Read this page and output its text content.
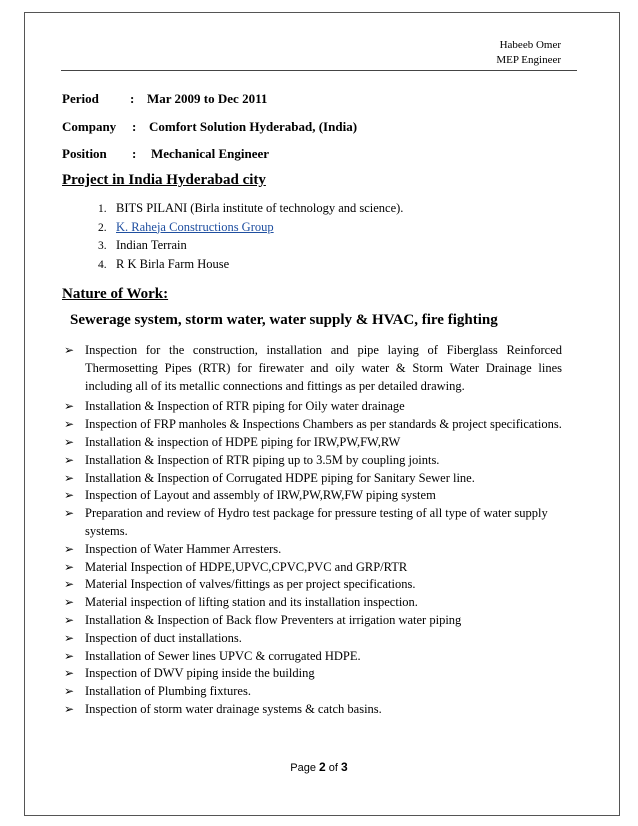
Habeeb Omer
MEP Engineer
Period : Mar 2009 to Dec 2011
Company : Comfort Solution Hyderabad, (India)
Position : Mechanical Engineer
Project in India Hyderabad city
1. BITS PILANI (Birla institute of technology and science).
2. K. Raheja Constructions Group
3. Indian Terrain
4. R K Birla Farm House
Nature of Work:
Sewerage system, storm water, water supply & HVAC, fire fighting
➢ Inspection for the construction, installation and pipe laying of Fiberglass Reinforced Thermosetting Pipes (RTR) for firewater and oily water & Storm Water Drainage lines including all of its metallic connections and fittings as per detailed drawing.
➢ Installation & Inspection of RTR piping for Oily water drainage
➢ Inspection of FRP manholes & Inspections Chambers as per standards & project specifications.
➢ Installation & inspection of HDPE piping for IRW,PW,FW,RW
➢ Installation & Inspection of RTR piping up to 3.5M by coupling joints.
➢ Installation & Inspection of Corrugated HDPE piping for Sanitary Sewer line.
➢ Inspection of Layout and assembly of IRW,PW,RW,FW piping system
➢ Preparation and review of Hydro test package for pressure testing of all type of water supply systems.
➢ Inspection of Water Hammer Arresters.
➢ Material Inspection of HDPE,UPVC,CPVC,PVC and GRP/RTR
➢ Material Inspection of valves/fittings as per project specifications.
➢ Material inspection of lifting station and its installation inspection.
➢ Installation & Inspection of Back flow Preventers at irrigation water piping
➢ Inspection of duct installations.
➢ Installation of Sewer lines UPVC & corrugated HDPE.
➢ Inspection of DWV piping inside the building
➢ Installation of Plumbing fixtures.
➢ Inspection of storm water drainage systems & catch basins.
Page 2 of 3
